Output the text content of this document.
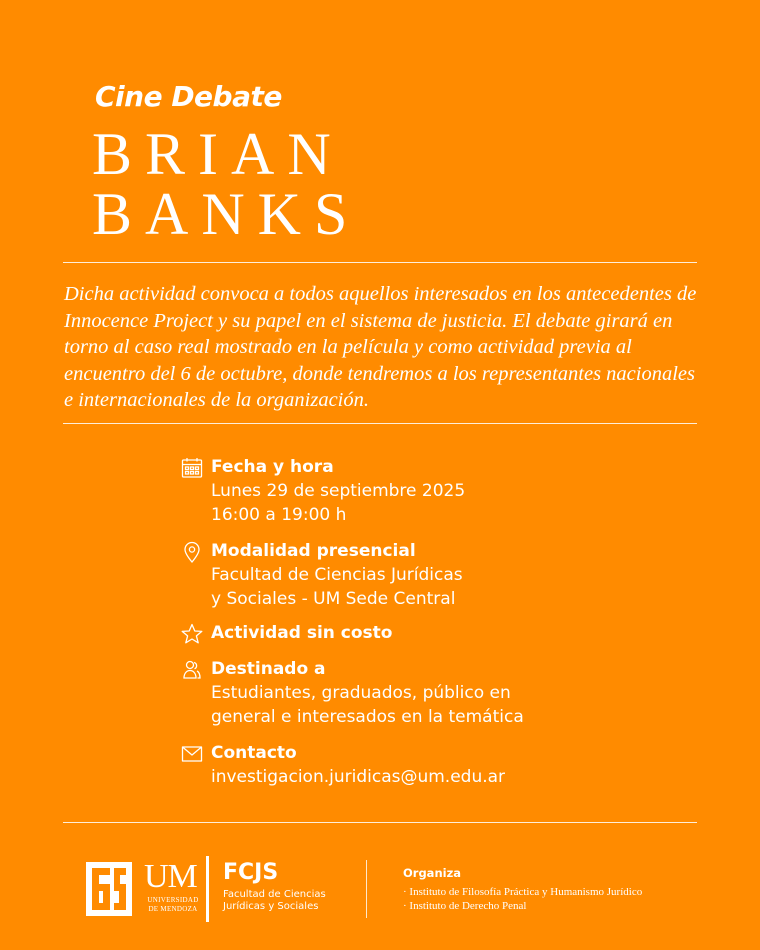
Cine Debate
BRIAN
BANKS
Dicha actividad convoca a todos aquellos interesados en los antecedentes de Innocence Project y su papel en el sistema de justicia. El debate girará en torno al caso real mostrado en la película y como actividad previa al encuentro del 6 de octubre, donde tendremos a los representantes nacionales e internacionales de la organización.
Fecha y hora
Lunes 29 de septiembre 2025
16:00 a 19:00 h
Modalidad presencial
Facultad de Ciencias Jurídicas
y Sociales - UM Sede Central
Actividad sin costo
Destinado a
Estudiantes, graduados, público en
general e interesados en la temática
Contacto
investigacion.juridicas@um.edu.ar
UM
UNIVERSIDAD
DE MENDOZA
FCJS
Facultad de Ciencias
Jurídicas y Sociales
Organiza
· Instituto de Filosofía Práctica y Humanismo Jurídico
· Instituto de Derecho Penal
